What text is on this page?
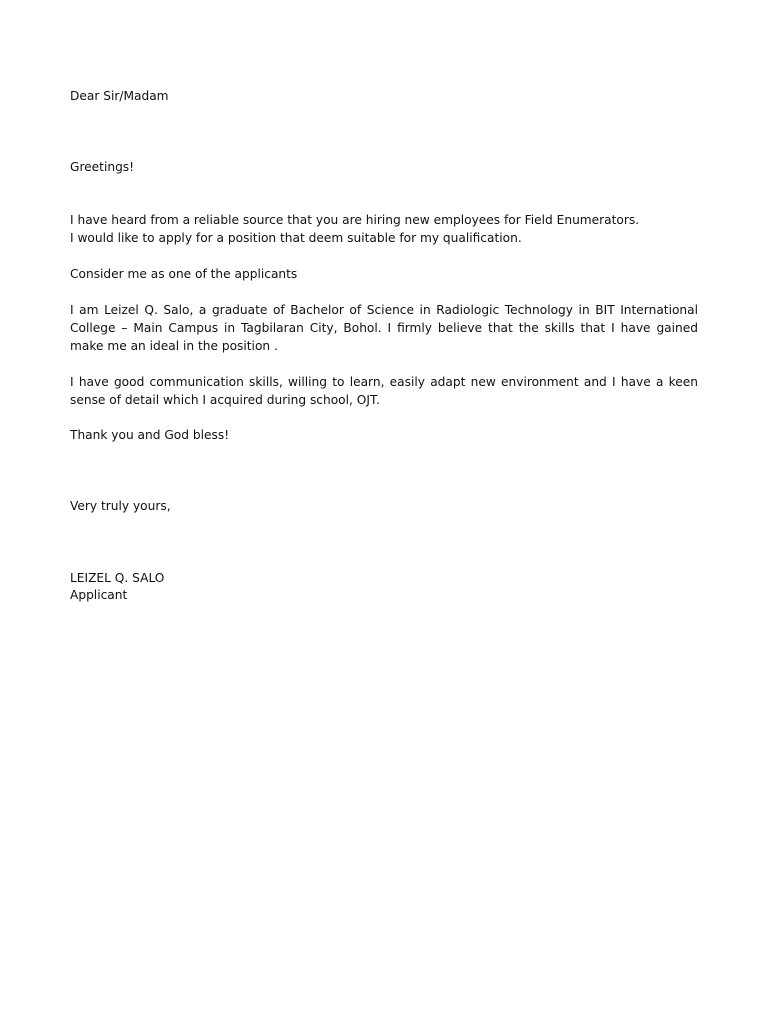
Dear Sir/Madam

Greetings!

I have heard from a reliable source that you are hiring new employees for Field Enumerators.
I would like to apply for a position that deem suitable for my qualification.

Consider me as one of the applicants

I am Leizel Q. Salo, a graduate of Bachelor of Science in Radiologic Technology in BIT International College – Main Campus in Tagbilaran City, Bohol. I firmly believe that the skills that I have gained make me an ideal in the position .

I have good communication skills, willing to learn, easily adapt new environment and I have a keen sense of detail which I acquired during school, OJT.

Thank you and God bless!

Very truly yours,

LEIZEL Q. SALO

Applicant
